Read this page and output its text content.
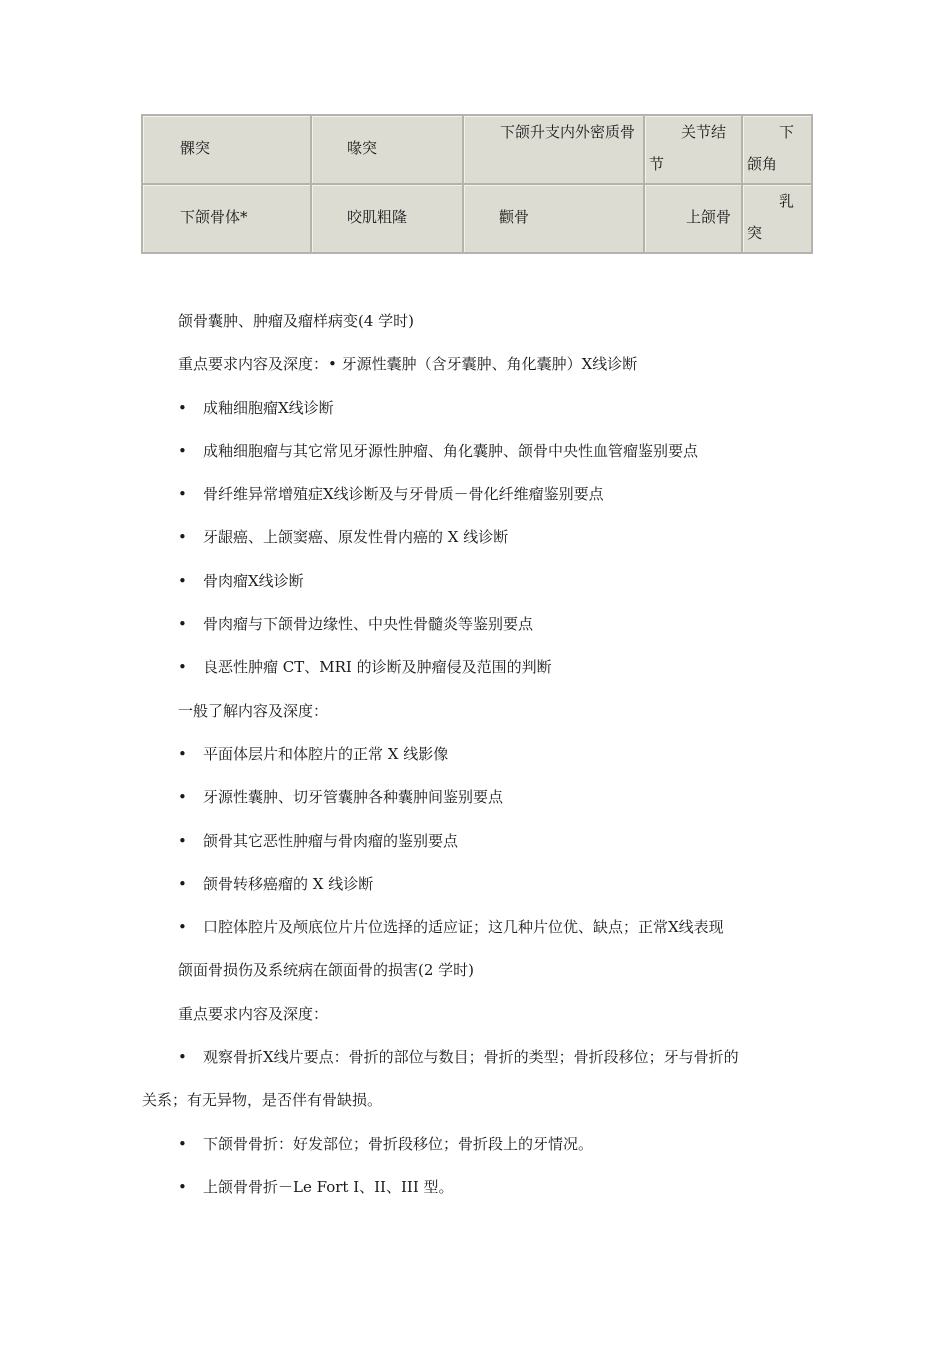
髁突	喙突	下颌升支内外密质骨	关节结节	下颌角

下颌骨体*	咬肌粗隆	颧骨	上颌骨	乳突
颌骨囊肿、肿瘤及瘤样病变(4 学时)
重点要求内容及深度：• 牙源性囊肿（含牙囊肿、角化囊肿）X线诊断
• 成釉细胞瘤X线诊断
• 成釉细胞瘤与其它常见牙源性肿瘤、角化囊肿、颌骨中央性血管瘤鉴别要点
• 骨纤维异常增殖症X线诊断及与牙骨质－骨化纤维瘤鉴别要点
• 牙龈癌、上颌窦癌、原发性骨内癌的 X 线诊断
• 骨肉瘤X线诊断
• 骨肉瘤与下颌骨边缘性、中央性骨髓炎等鉴别要点
• 良恶性肿瘤 CT、MRI 的诊断及肿瘤侵及范围的判断
一般了解内容及深度：
• 平面体层片和体腔片的正常 X 线影像
• 牙源性囊肿、切牙管囊肿各种囊肿间鉴别要点
• 颌骨其它恶性肿瘤与骨肉瘤的鉴别要点
• 颌骨转移癌瘤的 X 线诊断
• 口腔体腔片及颅底位片片位选择的适应证；这几种片位优、缺点；正常X线表现
颌面骨损伤及系统病在颌面骨的损害(2 学时)
重点要求内容及深度：
• 观察骨折X线片要点：骨折的部位与数目；骨折的类型；骨折段移位；牙与骨折的
关系；有无异物，是否伴有骨缺损。
• 下颌骨骨折：好发部位；骨折段移位；骨折段上的牙情况。
• 上颌骨骨折－Le Fort I、II、III 型。
